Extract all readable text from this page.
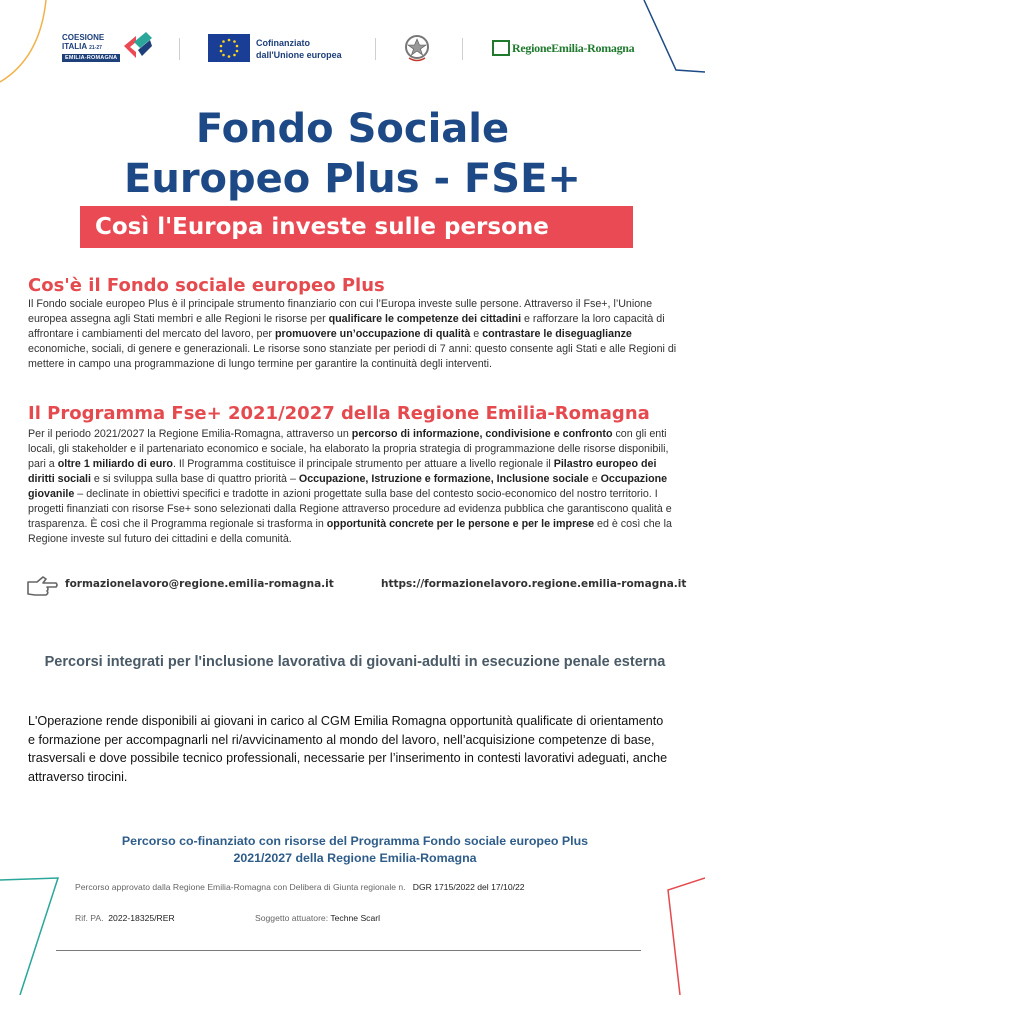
COESIONE
ITALIA 21-27
EMILIA-ROMAGNA
Cofinanziato
dall'Unione europea	RegioneEmilia-Romagna
Fondo Sociale
Europeo Plus - FSE+
Così l'Europa investe sulle persone
Cos'è il Fondo sociale europeo Plus
Il Fondo sociale europeo Plus è il principale strumento finanziario con cui l’Europa investe sulle persone. Attraverso il Fse+, l’Unione europea assegna agli Stati membri e alle Regioni le risorse per qualificare le competenze dei cittadini e rafforzare la loro capacità di affrontare i cambiamenti del mercato del lavoro, per promuovere un’occupazione di qualità e contrastare le diseguaglianze economiche, sociali, di genere e generazionali. Le risorse sono stanziate per periodi di 7 anni: questo consente agli Stati e alle Regioni di mettere in campo una programmazione di lungo termine per garantire la continuità degli interventi.
Il Programma Fse+ 2021/2027 della Regione Emilia-Romagna
Per il periodo 2021/2027 la Regione Emilia-Romagna, attraverso un percorso di informazione, condivisione e confronto con gli enti locali, gli stakeholder e il partenariato economico e sociale, ha elaborato la propria strategia di programmazione delle risorse disponibili, pari a oltre 1 miliardo di euro. Il Programma costituisce il principale strumento per attuare a livello regionale il Pilastro europeo dei diritti sociali e si sviluppa sulla base di quattro priorità – Occupazione, Istruzione e formazione, Inclusione sociale e Occupazione giovanile – declinate in obiettivi specifici e tradotte in azioni progettate sulla base del contesto socio-economico del nostro territorio. I progetti finanziati con risorse Fse+ sono selezionati dalla Regione attraverso procedure ad evidenza pubblica che garantiscono qualità e trasparenza. È così che il Programma regionale si trasforma in opportunità concrete per le persone e per le imprese ed è così che la Regione investe sul futuro dei cittadini e della comunità.
formazionelavoro@regione.emilia-romagna.it	https://formazionelavoro.regione.emilia-romagna.it
Percorsi integrati per l'inclusione lavorativa di giovani-adulti in esecuzione penale esterna
L'Operazione rende disponibili ai giovani in carico al CGM Emilia Romagna opportunità qualificate di orientamento e formazione per accompagnarli nel ri/avvicinamento al mondo del lavoro, nell’acquisizione competenze di base, trasversali e dove possibile tecnico professionali, necessarie per l’inserimento in contesti lavorativi adeguati, anche attraverso tirocini.
Percorso co-finanziato con risorse del Programma Fondo sociale europeo Plus
2021/2027 della Regione Emilia-Romagna
Percorso approvato dalla Regione Emilia-Romagna con Delibera di Giunta regionale n. DGR 1715/2022 del 17/10/22
Rif. PA. 2022-18325/RER	Soggetto attuatore: Techne Scarl
